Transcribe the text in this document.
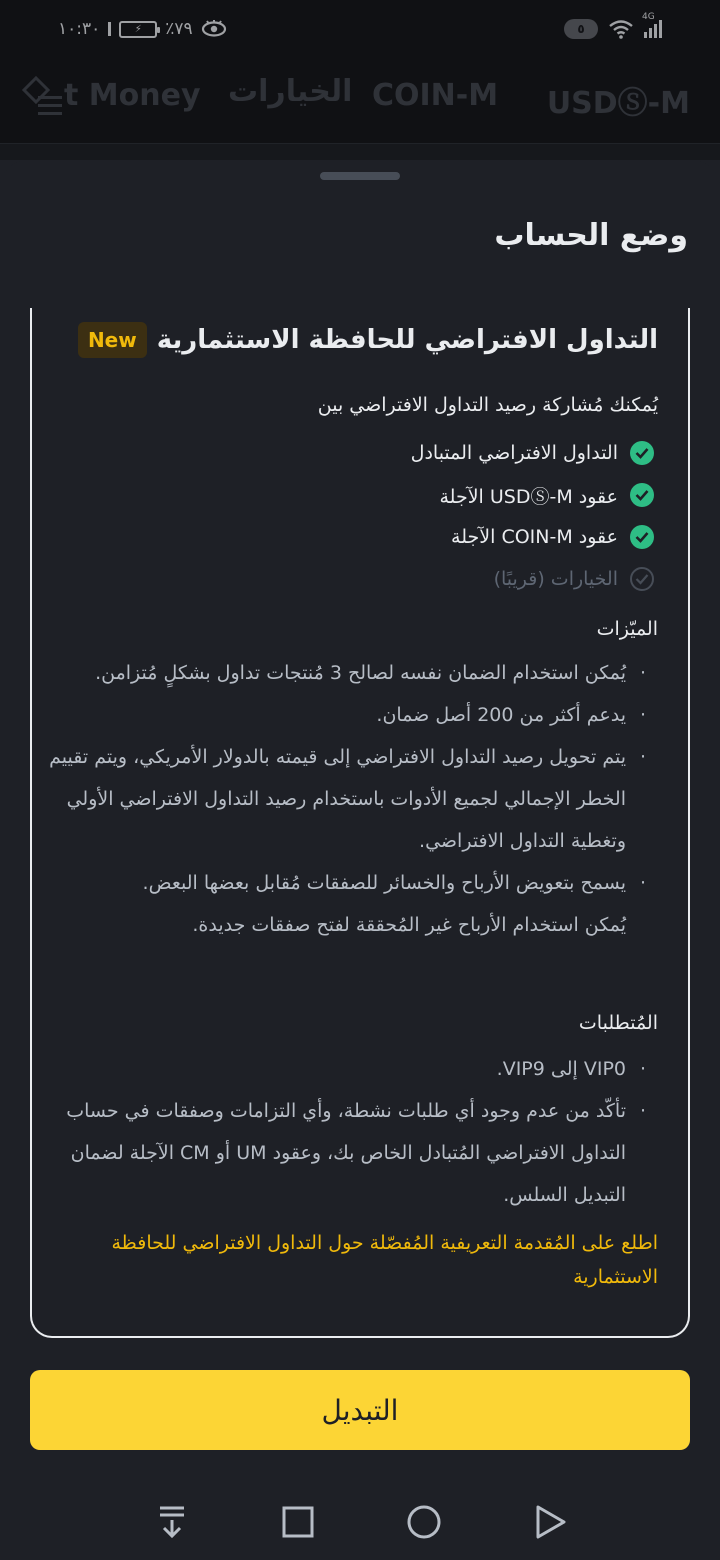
١٠:٣٠	⚡	٪٧٩	٥
4G
USDⓈ-M
COIN-M
الخيارات
t Money
وضع الحساب
التداول الافتراضي للحافظة الاستثمارية
New
يُمكنك مُشاركة رصيد التداول الافتراضي بين
التداول الافتراضي المتبادل
عقود USDⓈ-M الآجلة
عقود COIN-M الآجلة
الخيارات (قريبًا)
الميّزات
· يُمكن استخدام الضمان نفسه لصالح 3 مُنتجات تداول بشكلٍ مُتزامن.
· يدعم أكثر من 200 أصل ضمان.
· يتم تحويل رصيد التداول الافتراضي إلى قيمته بالدولار الأمريكي، ويتم تقييم الخطر الإجمالي لجميع الأدوات باستخدام رصيد التداول الافتراضي الأولي وتغطية التداول الافتراضي.
· يسمح بتعويض الأرباح والخسائر للصفقات مُقابل بعضها البعض.
يُمكن استخدام الأرباح غير المُحققة لفتح صفقات جديدة.
المُتطلبات
· VIP0 إلى VIP9.
· تأكّد من عدم وجود أي طلبات نشطة، وأي التزامات وصفقات في حساب التداول الافتراضي المُتبادل الخاص بك، وعقود UM أو CM الآجلة لضمان التبديل السلس.
اطلع على المُقدمة التعريفية المُفصّلة حول التداول الافتراضي للحافظة الاستثمارية
التبديل
